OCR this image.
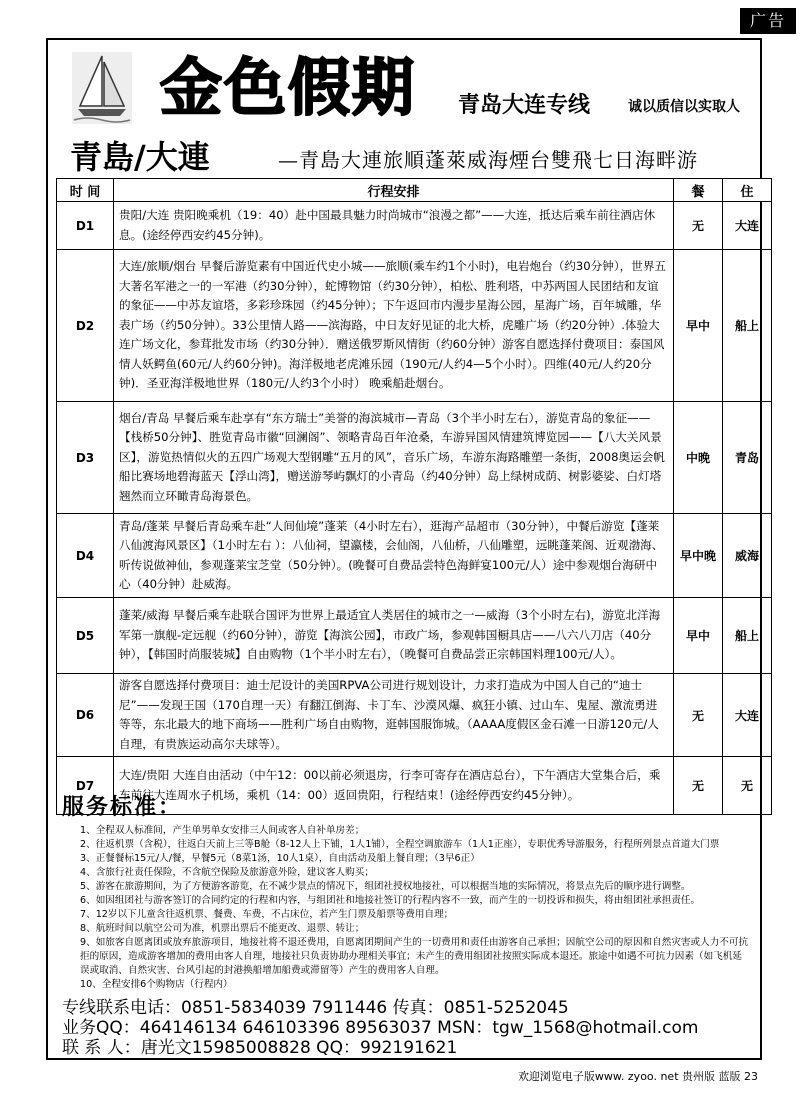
广告
金色假期 青岛大连专线	诚以质信以实取人
青島/大連	—青島大連旅順蓬萊威海煙台雙飛七日海畔游
时 间	行程安排	餐	住
D1	贵阳/大连 贵阳晚乘机（19：40）赴中国最具魅力时尚城市“浪漫之都”——大连，抵达后乘车前往酒店休息。(途经停西安约45分钟)。	无	大连
D2	大连/旅顺/烟台 早餐后游览素有中国近代史小城——旅顺(乘车约1个小时)，电岩炮台（约30分钟），世界五大著名军港之一的一军港（约30分钟），蛇博物馆（约30分钟），柏松、胜利塔，中苏两国人民团结和友谊的象征——中苏友谊塔，多彩珍珠园（约45分钟）；下午返回市内漫步星海公园，星海广场，百年城雕，华表广场（约50分钟）。33公里情人路——滨海路，中日友好见证的北大桥，虎雕广场（约20分钟）.体验大连广场文化，参茸批发市场（约30分钟）．赠送俄罗斯风情街（约60分钟）游客自愿选择付费项目：泰国风情人妖鳄鱼(60元/人约60分钟)。海洋极地老虎滩乐园（190元/人约4—5个小时）。四维(40元/人约20分钟)．圣亚海洋极地世界（180元/人约3个小时） 晚乘船赴烟台。	早中	船上
D3	烟台/青岛 早餐后乘车赴享有“东方瑞士”美誉的海滨城市—青岛（3个半小时左右），游览青岛的象征——【栈桥50分钟】、胜览青岛市徽“回澜阁”、领略青岛百年沧桑，车游异国风情建筑博览园——【八大关风景区】，游览热情似火的五四广场观大型钢雕“五月的风”，音乐广场，车游东海路雕塑一条街，2008奥运会帆船比赛场地碧海蓝天【浮山湾】，赠送游琴屿飘灯的小青岛（约40分钟）岛上绿树成荫、树影婆娑、白灯塔翘然而立环瞰青岛海景色。	中晚	青岛
D4	青岛/蓬莱 早餐后青岛乘车赴“人间仙境”蓬莱（4小时左右），逛海产品超市（30分钟），中餐后游览【蓬莱八仙渡海风景区】（1小时左右 ）：八仙祠，望瀛楼，会仙阁，八仙桥，八仙雕塑，远眺蓬莱阁、近观渤海、听传说做神仙，参观蓬莱宝芝堂（50分钟）。(晚餐可自费品尝特色海鲜宴100元/人）途中参观烟台海研中心（40分钟）赴威海。	早中晚	威海
D5	蓬莱/威海 早餐后乘车赴联合国评为世界上最适宜人类居住的城市之一—威海（3个小时左右)，游览北洋海军第一旗舰-定远舰（约60分钟），游览【海滨公园】，市政广场，参观韩国橱具店——八六八刀店（40分钟），【韩国时尚服装城】自由购物（1个半小时左右），（晚餐可自费品尝正宗韩国料理100元/人）。	早中	船上
D6	游客自愿选择付费项目：迪士尼设计的美国RPVA公司进行规划设计，力求打造成为中国人自己的“迪士尼”——发现王国（170自理一天）有翻江倒海、卡丁车、沙漠风爆、疯狂小镇、过山车、鬼屋、激流勇进等等，东北最大的地下商场——胜利广场自由购物，逛韩国服饰城。（AAAA度假区金石滩一日游120元/人自理，有贵族运动高尔夫球等）。	无	大连
D7	大连/贵阳 大连自由活动（中午12：00以前必须退房，行李可寄存在酒店总台），下午酒店大堂集合后，乘车前往大连周水子机场，乘机（14：00）返回贵阳，行程结束！(途经停西安约45分钟）。	无	无
服务标准：
1、全程双人标准间，产生单男单女安排三人间或客人自补单房差；
2、往返机票（含税），往返白天前上三等B舱（8-12人上下铺，1人1铺），全程空调旅游车（1人1正座），专职优秀导游服务，行程所列景点首道大门票
3、正餐餐标15元/人/餐，早餐5元（8菜1汤，10人1桌），自由活动及船上餐自理；（3早6正）
4、含旅行社责任保险，不含航空保险及旅游意外险，建议客人购买；
5、游客在旅游期间，为了方便游客游览，在不减少景点的情况下，组团社授权地接社，可以根据当地的实际情况，将景点先后的顺序进行调整。
6、如因组团社与游客签订的合同约定的行程和内容，与组团社和地接社签订的行程内容不一致，而产生的一切投诉和损失，将由组团社承担责任。
7、12岁以下儿童含往返机票、餐费、车费，不占床位，若产生门票及船票等费用自理；
8、航班时间以航空公司为准，机票出票后不能更改、退票、转让；
9、如旅客自愿离团或放弃旅游项目，地接社将不退还费用，自愿离团期间产生的一切费用和责任由游客自己承担；因航空公司的原因和自然灾害或人力不可抗拒的原因，造成游客增加的费用由客人自理，地接社只负责协助办理相关事宜；未产生的费用组团社按照实际成本退还。旅途中如遇不可抗力因素（如飞机延误或取消、自然灾害、台风引起的封港换船增加船费或滞留等）产生的费用客人自理。
10、全程安排6个购物店（行程内）
专线联系电话：0851-5834039 7911446 传真：0851-5252045
业务QQ：464146134 646103396 89563037 MSN：tgw_1568@hotmail.com
联 系 人：唐光文15985008828 QQ：992191621
欢迎浏览电子版www. zyoo. net 贵州版 蓝版 23
